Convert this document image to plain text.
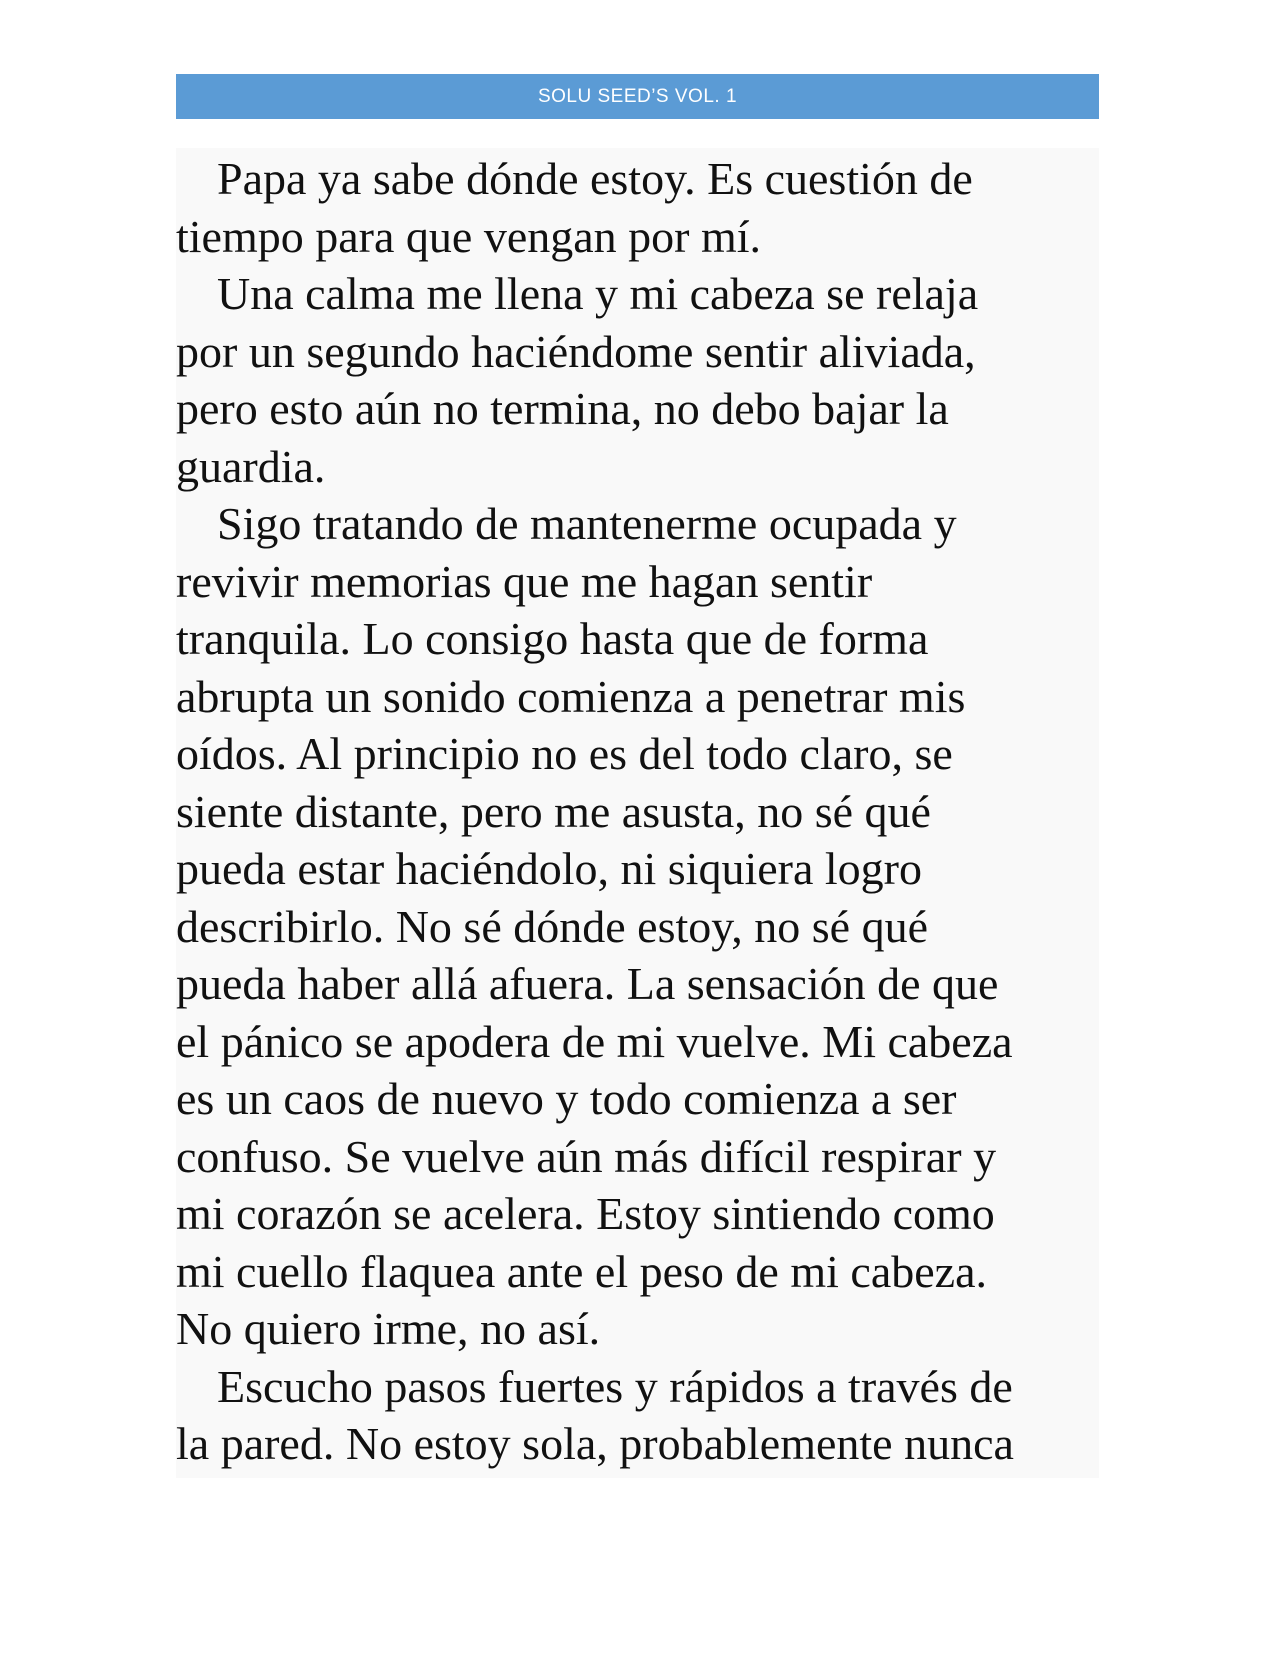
SOLU SEED’S VOL. 1
Papa ya sabe dónde estoy. Es cuestión de
tiempo para que vengan por mí.
Una calma me llena y mi cabeza se relaja
por un segundo haciéndome sentir aliviada,
pero esto aún no termina, no debo bajar la
guardia.
Sigo tratando de mantenerme ocupada y
revivir memorias que me hagan sentir
tranquila. Lo consigo hasta que de forma
abrupta un sonido comienza a penetrar mis
oídos. Al principio no es del todo claro, se
siente distante, pero me asusta, no sé qué
pueda estar haciéndolo, ni siquiera logro
describirlo. No sé dónde estoy, no sé qué
pueda haber allá afuera. La sensación de que
el pánico se apodera de mi vuelve. Mi cabeza
es un caos de nuevo y todo comienza a ser
confuso. Se vuelve aún más difícil respirar y
mi corazón se acelera. Estoy sintiendo como
mi cuello flaquea ante el peso de mi cabeza.
No quiero irme, no así.
Escucho pasos fuertes y rápidos a través de
la pared. No estoy sola, probablemente nunca
